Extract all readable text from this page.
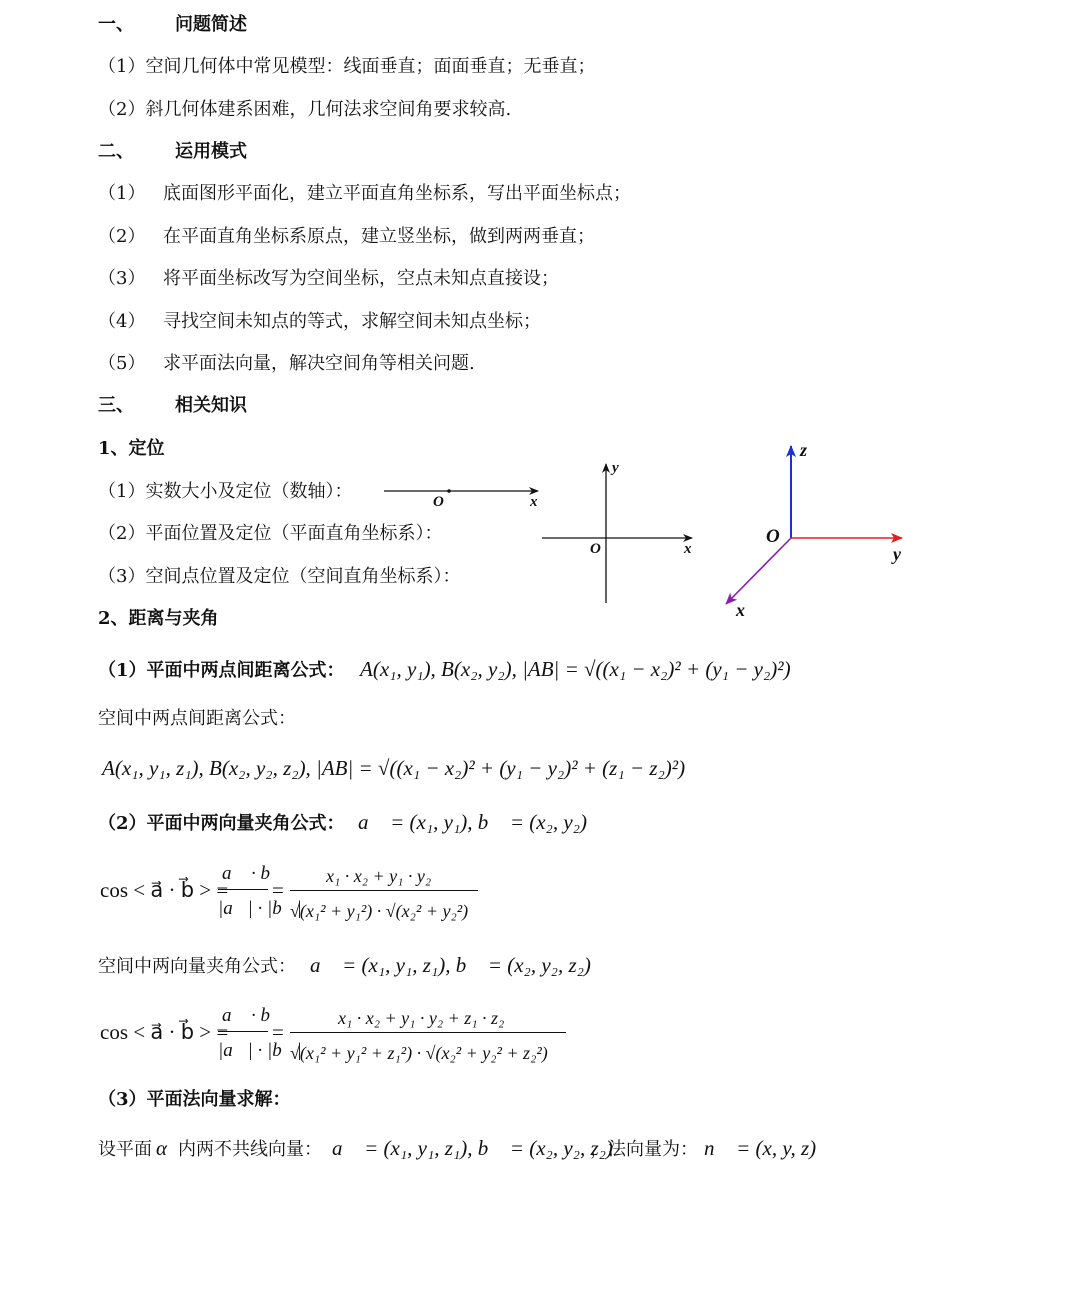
一、 问题简述
（1）空间几何体中常见模型：线面垂直；面面垂直；无垂直；
（2）斜几何体建系困难，几何法求空间角要求较高.
二、 运用模式
（1） 底面图形平面化，建立平面直角坐标系，写出平面坐标点；
（2） 在平面直角坐标系原点，建立竖坐标，做到两两垂直；
（3） 将平面坐标改写为空间坐标，空点未知点直接设；
（4） 寻找空间未知点的等式，求解空间未知点坐标；
（5） 求平面法向量，解决空间角等相关问题.
三、 相关知识
1、定位
（1）实数大小及定位（数轴）：
（2）平面位置及定位（平面直角坐标系）：
（3）空间点位置及定位（空间直角坐标系）：
O	x
O	x
y
O
z
y
x
2、距离与夹角
（1）平面中两点间距离公式： A(x₁, y₁), B(x₂, y₂), |AB| = √((x₁ − x₂)² + (y₁ − y₂)²)
空间中两点间距离公式：
A(x₁, y₁, z₁), B(x₂, y₂, z₂), |AB| = √((x₁ − x₂)² + (y₁ − y₂)² + (z₁ − z₂)²)
（2）平面中两向量夹角公式： a⃗ = (x₁, y₁), b⃗ = (x₂, y₂)
cos < a⃗ · b⃗ > =
a⃗ · b⃗
|a⃗| · |b⃗|
=
x₁ · x₂ + y₁ · y₂
√(x₁² + y₁²) · √(x₂² + y₂²)
空间中两向量夹角公式： a⃗ = (x₁, y₁, z₁), b⃗ = (x₂, y₂, z₂)
cos < a⃗ · b⃗ > =
a⃗ · b⃗
|a⃗| · |b⃗|
=
x₁ · x₂ + y₁ · y₂ + z₁ · z₂
√(x₁² + y₁² + z₁²) · √(x₂² + y₂² + z₂²)
（3）平面法向量求解：
设平面 α 内两不共线向量： a⃗ = (x₁, y₁, z₁), b⃗ = (x₂, y₂, z₂)
，法向量为： n⃗ = (x, y, z)
